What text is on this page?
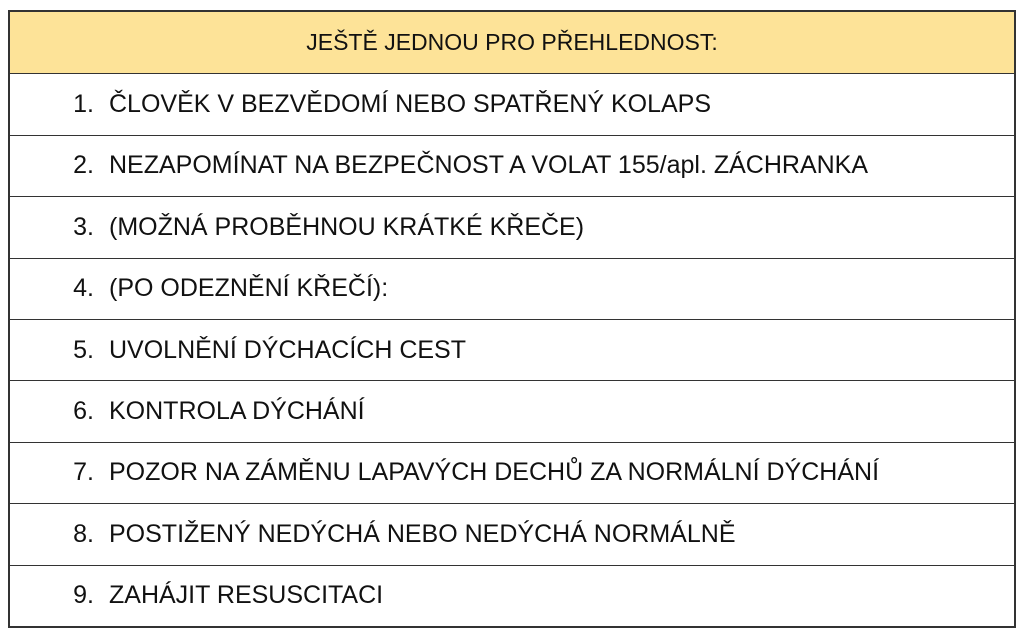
JEŠTĚ JEDNOU PRO PŘEHLEDNOST:
1. ČLOVĚK V BEZVĚDOMÍ NEBO SPATŘENÝ KOLAPS
2. NEZAPOMÍNAT NA BEZPEČNOST A VOLAT 155/apl. ZÁCHRANKA
3. (MOŽNÁ PROBĚHNOU KRÁTKÉ KŘEČE)
4. (PO ODEZNĚNÍ KŘEČÍ):
5. UVOLNĚNÍ DÝCHACÍCH CEST
6. KONTROLA DÝCHÁNÍ
7. POZOR NA ZÁMĚNU LAPAVÝCH DECHŮ ZA NORMÁLNÍ DÝCHÁNÍ
8. POSTIŽENÝ NEDÝCHÁ NEBO NEDÝCHÁ NORMÁLNĚ
9. ZAHÁJIT RESUSCITACI
